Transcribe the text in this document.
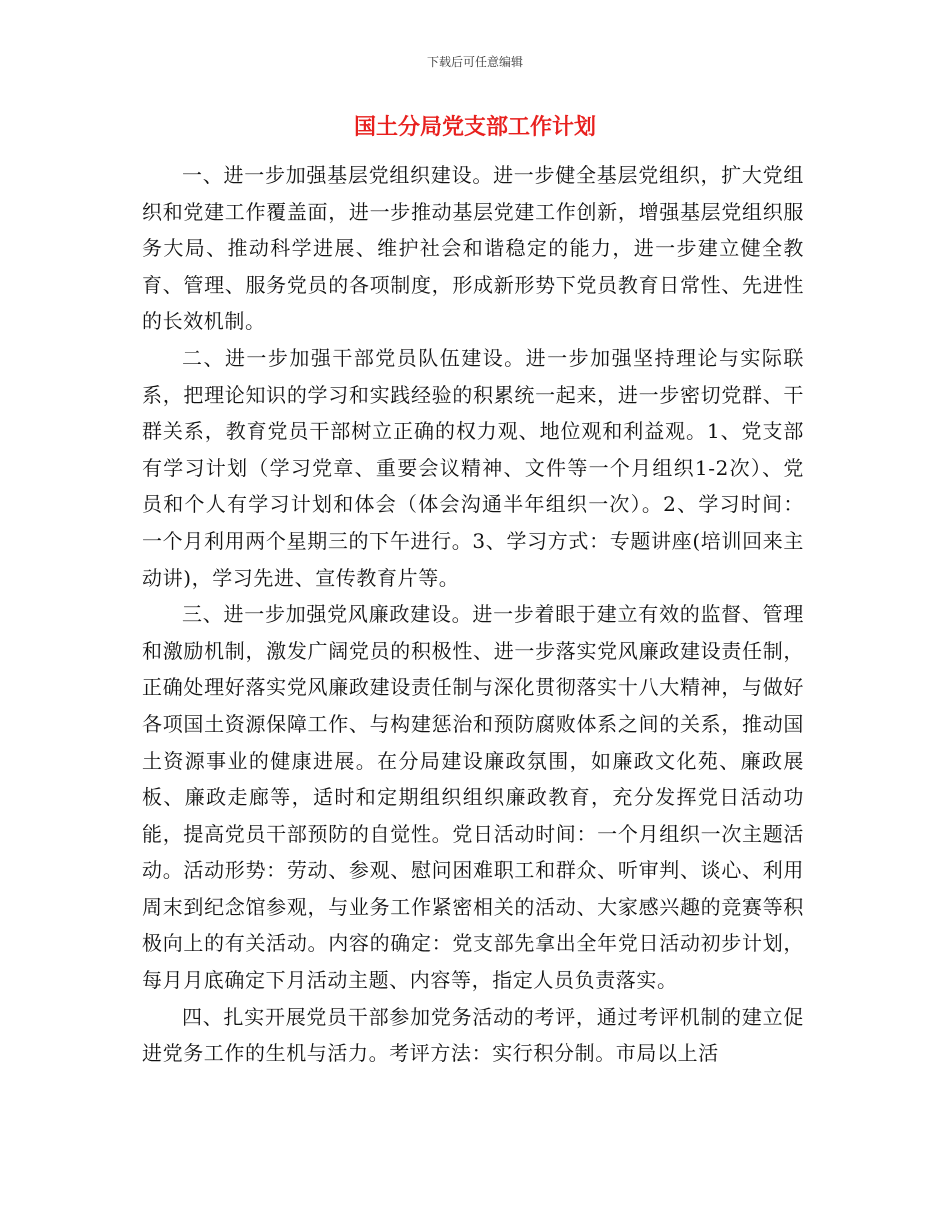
下载后可任意编辑
国土分局党支部工作计划

一、进一步加强基层党组织建设。进一步健全基层党组织，扩大党组织和党建工作覆盖面，进一步推动基层党建工作创新，增强基层党组织服务大局、推动科学进展、维护社会和谐稳定的能力，进一步建立健全教育、管理、服务党员的各项制度，形成新形势下党员教育日常性、先进性的长效机制。

二、进一步加强干部党员队伍建设。进一步加强坚持理论与实际联系，把理论知识的学习和实践经验的积累统一起来，进一步密切党群、干群关系，教育党员干部树立正确的权力观、地位观和利益观。1、党支部有学习计划（学习党章、重要会议精神、文件等一个月组织1-2次）、党员和个人有学习计划和体会（体会沟通半年组织一次）。2、学习时间：一个月利用两个星期三的下午进行。3、学习方式：专题讲座(培训回来主动讲)，学习先进、宣传教育片等。

三、进一步加强党风廉政建设。进一步着眼于建立有效的监督、管理和激励机制，激发广阔党员的积极性、进一步落实党风廉政建设责任制，正确处理好落实党风廉政建设责任制与深化贯彻落实十八大精神，与做好各项国土资源保障工作、与构建惩治和预防腐败体系之间的关系，推动国土资源事业的健康进展。在分局建设廉政氛围，如廉政文化苑、廉政展板、廉政走廊等，适时和定期组织组织廉政教育，充分发挥党日活动功能，提高党员干部预防的自觉性。党日活动时间：一个月组织一次主题活动。活动形势：劳动、参观、慰问困难职工和群众、听审判、谈心、利用周末到纪念馆参观，与业务工作紧密相关的活动、大家感兴趣的竞赛等积极向上的有关活动。内容的确定：党支部先拿出全年党日活动初步计划，每月月底确定下月活动主题、内容等，指定人员负责落实。

四、扎实开展党员干部参加党务活动的考评，通过考评机制的建立促进党务工作的生机与活力。考评方法：实行积分制。市局以上活
